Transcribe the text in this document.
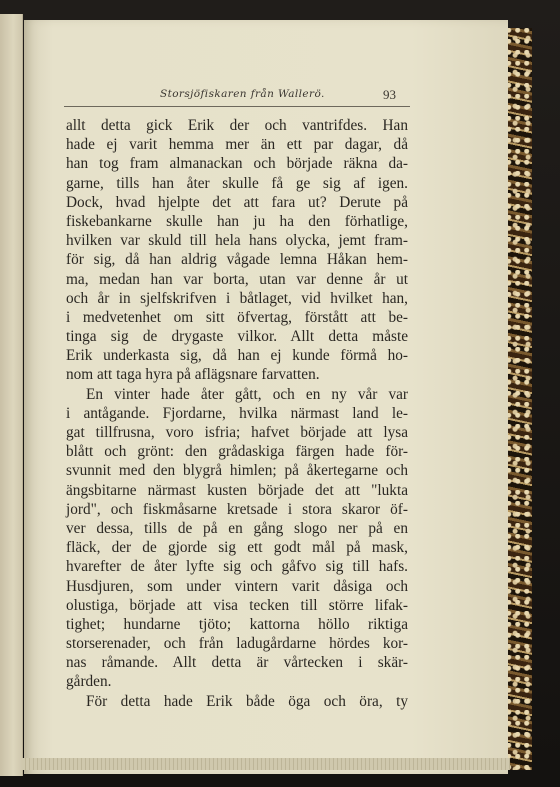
Storsjöfiskaren från Wallerö.	93
allt detta gick Erik der och vantrifdes. Han
hade ej varit hemma mer än ett par dagar, då
han tog fram almanackan och började räkna da-
garne, tills han åter skulle få ge sig af igen.
Dock, hvad hjelpte det att fara ut? Derute på
fiskebankarne skulle han ju ha den förhatlige,
hvilken var skuld till hela hans olycka, jemt fram-
för sig, då han aldrig vågade lemna Håkan hem-
ma, medan han var borta, utan var denne år ut
och år in sjelfskrifven i båtlaget, vid hvilket han,
i medvetenhet om sitt öfvertag, förstått att be-
tinga sig de drygaste vilkor. Allt detta måste
Erik underkasta sig, då han ej kunde förmå ho-
nom att taga hyra på aflägsnare farvatten.
En vinter hade åter gått, och en ny vår var
i antågande. Fjordarne, hvilka närmast land le-
gat tillfrusna, voro isfria; hafvet började att lysa
blått och grönt: den grådaskiga färgen hade för-
svunnit med den blygrå himlen; på åkertegarne och
ängsbitarne närmast kusten började det att "lukta
jord", och fiskmåsarne kretsade i stora skaror öf-
ver dessa, tills de på en gång slogo ner på en
fläck, der de gjorde sig ett godt mål på mask,
hvarefter de åter lyfte sig och gåfvo sig till hafs.
Husdjuren, som under vintern varit dåsiga och
olustiga, började att visa tecken till större lifak-
tighet; hundarne tjöto; kattorna höllo riktiga
storserenader, och från ladugårdarne hördes kor-
nas råmande. Allt detta är vårtecken i skär-
gården.
För detta hade Erik både öga och öra, ty
